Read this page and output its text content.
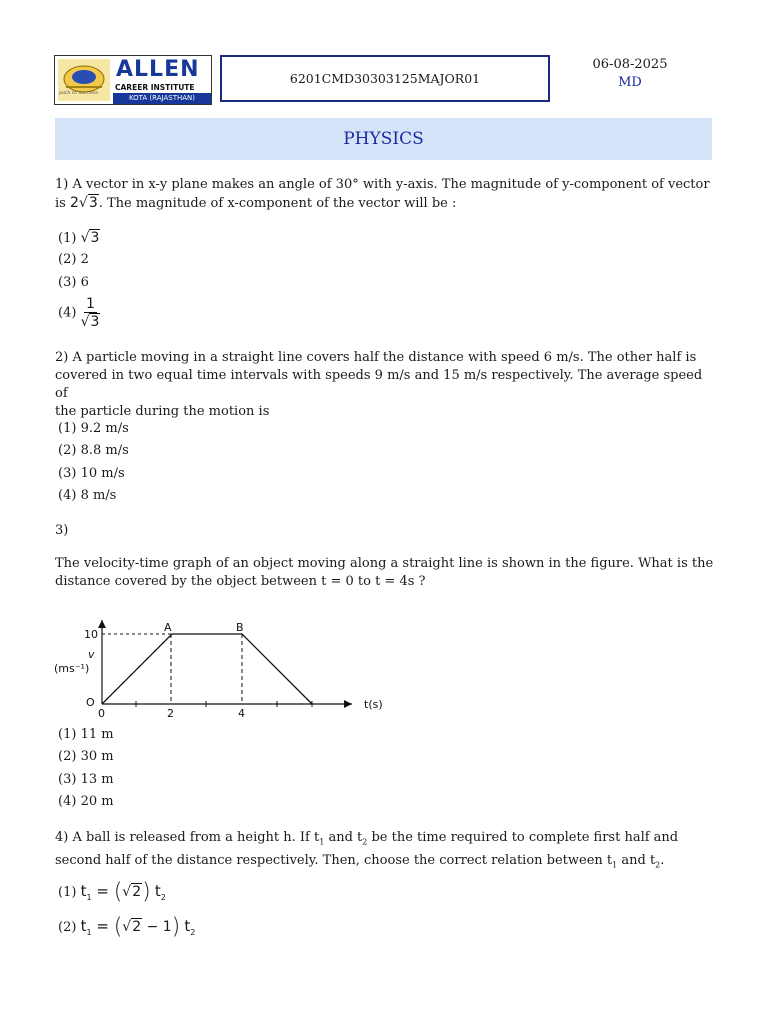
path to success
ALLEN
CAREER INSTITUTE
KOTA (RAJASTHAN)
6201CMD30303125MAJOR01
06-08-2025
MD
PHYSICS
1) A vector in x-y plane makes an angle of 30° with y-axis. The magnitude of y-component of vector
is 2√3. The magnitude of x-component of the vector will be :
(1) √3
(2) 2
(3) 6
$(4) \frac{1}{√3}$
2) A particle moving in a straight line covers half the distance with speed 6 m/s. The other half is
covered in two equal time intervals with speeds 9 m/s and 15 m/s respectively. The average speed of
the particle during the motion is
(1) 9.2 m/s
(2) 8.8 m/s
(3) 10 m/s
(4) 8 m/s
3)
The velocity-time graph of an object moving along a straight line is shown in the figure. What is the
distance covered by the object between t = 0 to t = 4s ?
10
v
(ms⁻¹)
O
A	B
0	2	4
t(s)
(1) 11 m
(2) 30 m
(3) 13 m
(4) 20 m
4) A ball is released from a height h. If $t_1$ and $t_2$ be the time required to complete first half and
second half of the distance respectively. Then, choose the correct relation between $t_1$ and $t_2$.
(1) $t_1 = (√2)$ $t_2$
(2) $t_1 = (√2 - 1)$ $t_2$
